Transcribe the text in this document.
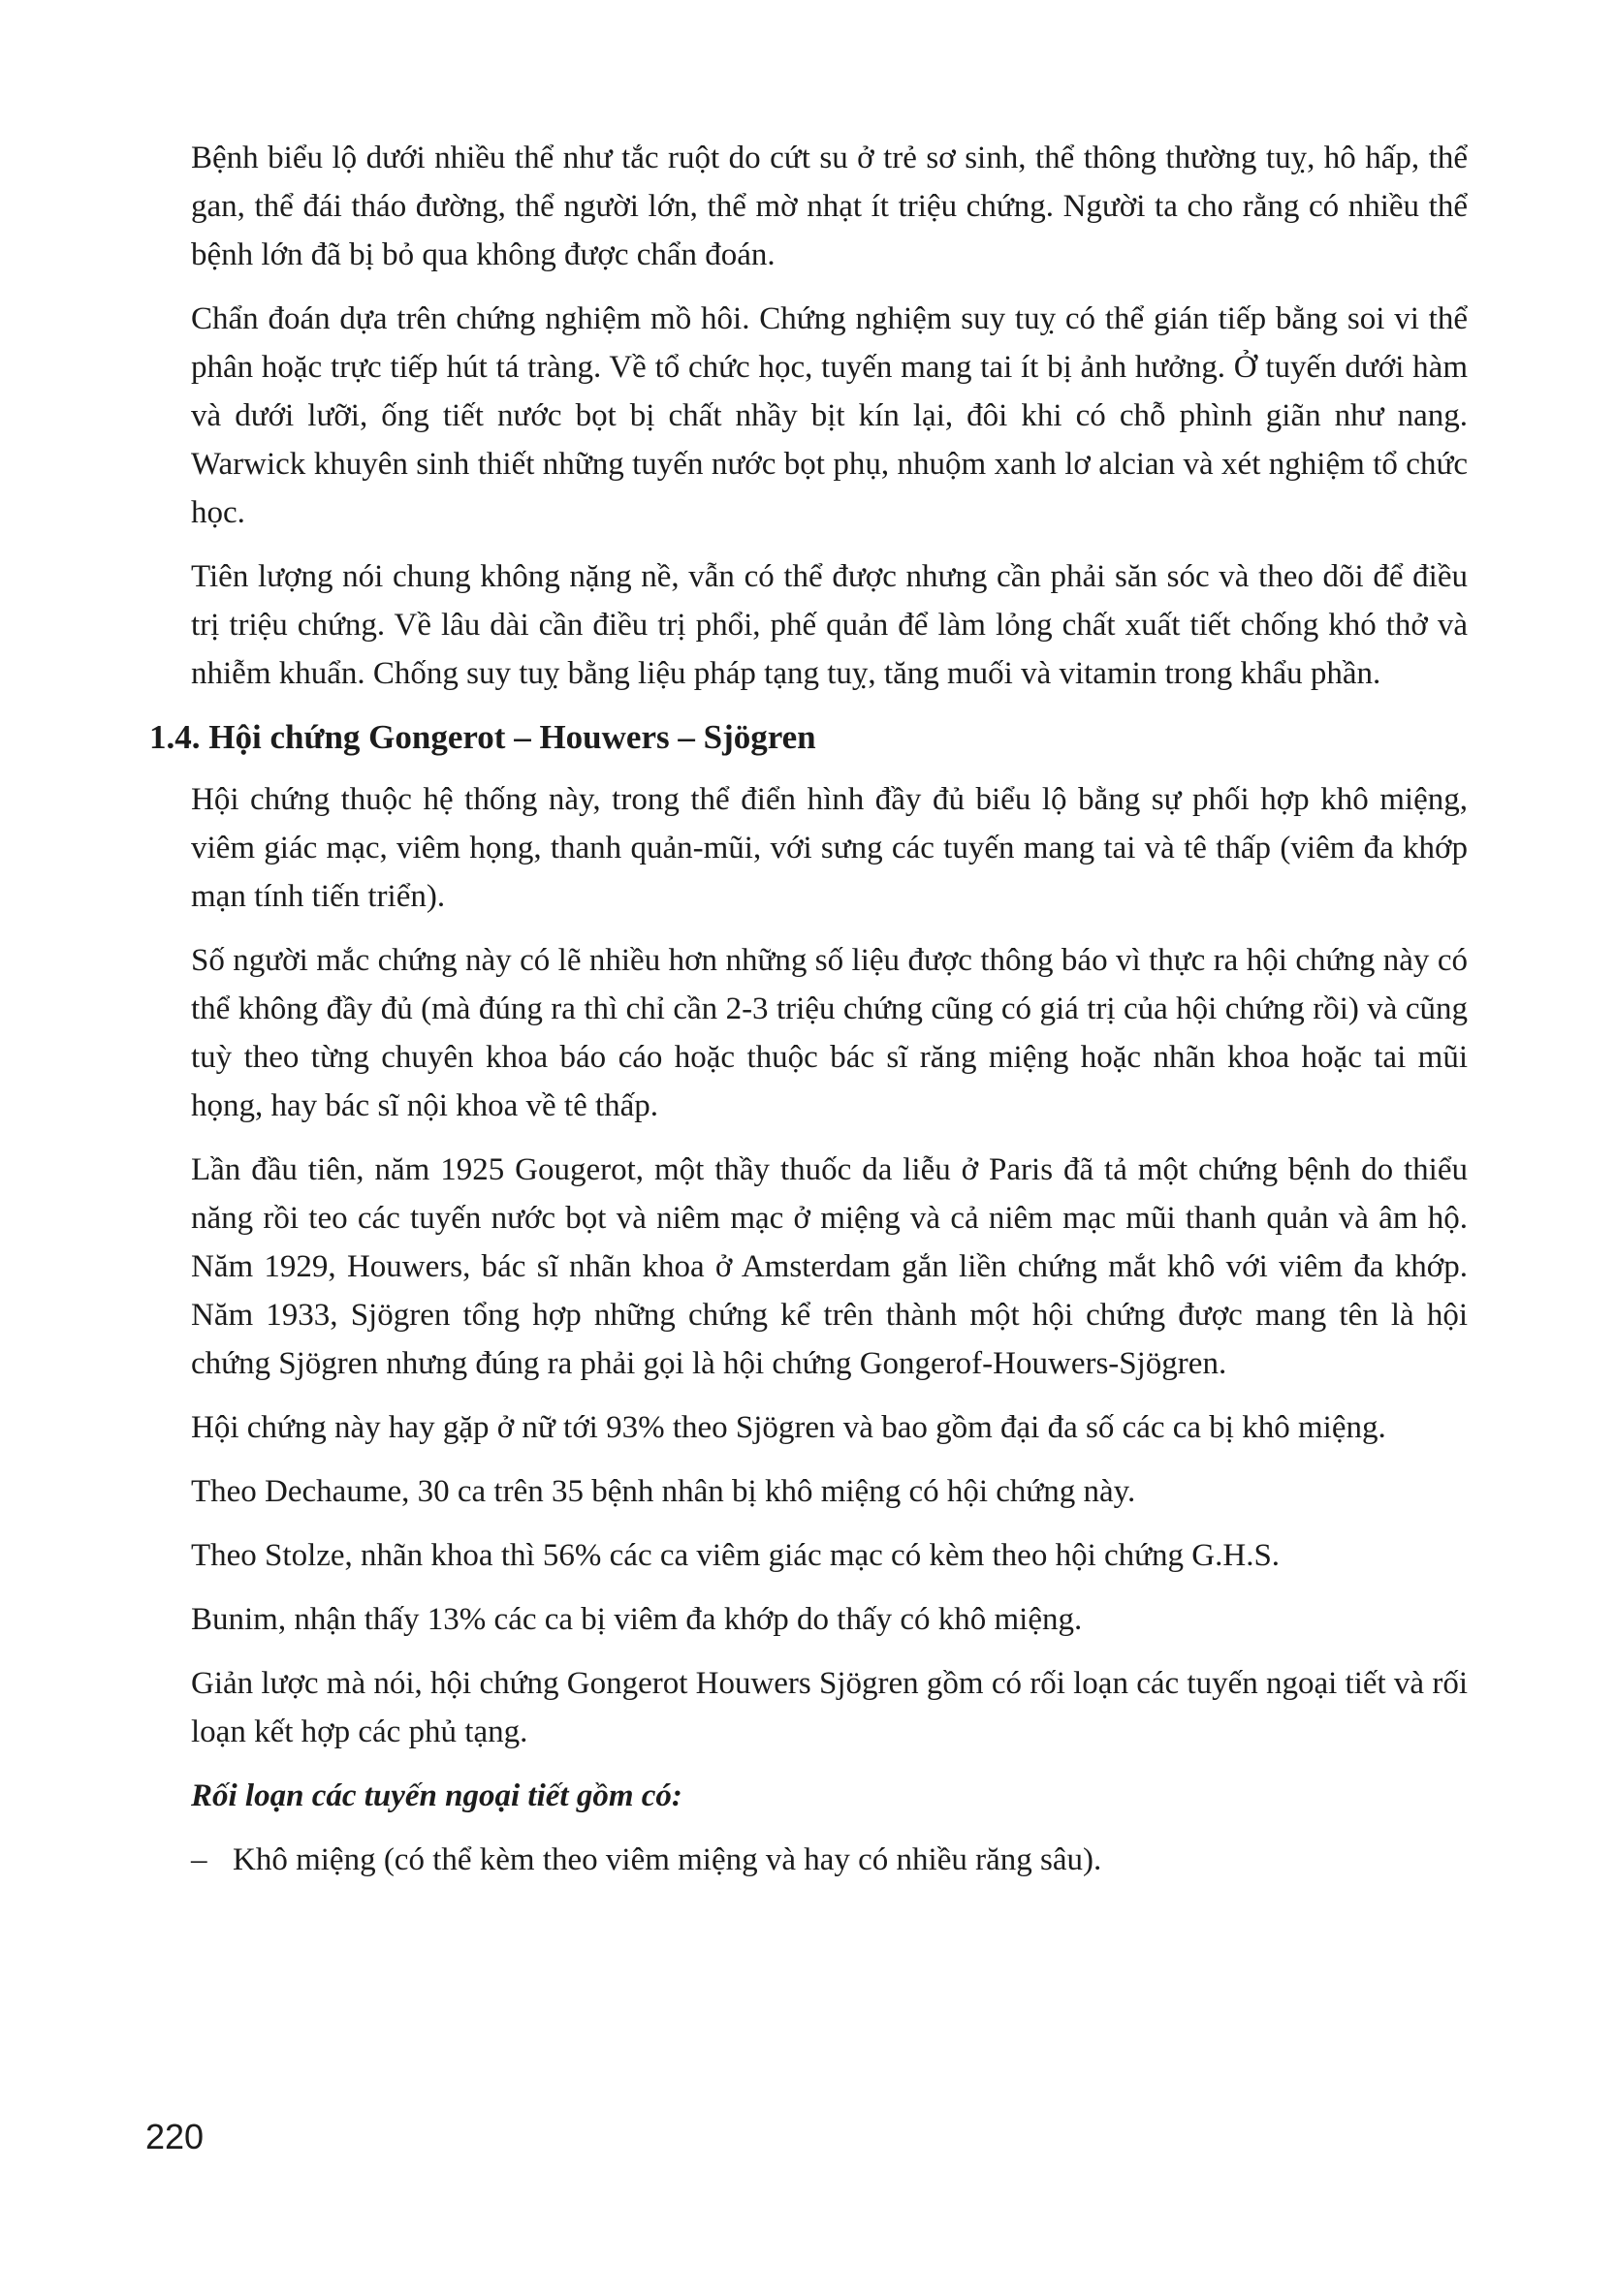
Bệnh biểu lộ dưới nhiều thể như tắc ruột do cứt su ở trẻ sơ sinh, thể thông thường tuỵ, hô hấp, thể gan, thể đái tháo đường, thể người lớn, thể mờ nhạt ít triệu chứng. Người ta cho rằng có nhiều thể bệnh lớn đã bị bỏ qua không được chẩn đoán.

Chẩn đoán dựa trên chứng nghiệm mồ hôi. Chứng nghiệm suy tuỵ có thể gián tiếp bằng soi vi thể phân hoặc trực tiếp hút tá tràng. Về tổ chức học, tuyến mang tai ít bị ảnh hưởng. Ở tuyến dưới hàm và dưới lưỡi, ống tiết nước bọt bị chất nhầy bịt kín lại, đôi khi có chỗ phình giãn như nang. Warwick khuyên sinh thiết những tuyến nước bọt phụ, nhuộm xanh lơ alcian và xét nghiệm tổ chức học.

Tiên lượng nói chung không nặng nề, vẫn có thể được nhưng cần phải săn sóc và theo dõi để điều trị triệu chứng. Về lâu dài cần điều trị phổi, phế quản để làm lỏng chất xuất tiết chống khó thở và nhiễm khuẩn. Chống suy tuỵ bằng liệu pháp tạng tuỵ, tăng muối và vitamin trong khẩu phần.

1.4. Hội chứng Gongerot – Houwers – Sjögren

Hội chứng thuộc hệ thống này, trong thể điển hình đầy đủ biểu lộ bằng sự phối hợp khô miệng, viêm giác mạc, viêm họng, thanh quản-mũi, với sưng các tuyến mang tai và tê thấp (viêm đa khớp mạn tính tiến triển).

Số người mắc chứng này có lẽ nhiều hơn những số liệu được thông báo vì thực ra hội chứng này có thể không đầy đủ (mà đúng ra thì chỉ cần 2-3 triệu chứng cũng có giá trị của hội chứng rồi) và cũng tuỳ theo từng chuyên khoa báo cáo hoặc thuộc bác sĩ răng miệng hoặc nhãn khoa hoặc tai mũi họng, hay bác sĩ nội khoa về tê thấp.

Lần đầu tiên, năm 1925 Gougerot, một thầy thuốc da liễu ở Paris đã tả một chứng bệnh do thiểu năng rồi teo các tuyến nước bọt và niêm mạc ở miệng và cả niêm mạc mũi thanh quản và âm hộ. Năm 1929, Houwers, bác sĩ nhãn khoa ở Amsterdam gắn liền chứng mắt khô với viêm đa khớp. Năm 1933, Sjögren tổng hợp những chứng kể trên thành một hội chứng được mang tên là hội chứng Sjögren nhưng đúng ra phải gọi là hội chứng Gongerof-Houwers-Sjögren.

Hội chứng này hay gặp ở nữ tới 93% theo Sjögren và bao gồm đại đa số các ca bị khô miệng.

Theo Dechaume, 30 ca trên 35 bệnh nhân bị khô miệng có hội chứng này.

Theo Stolze, nhãn khoa thì 56% các ca viêm giác mạc có kèm theo hội chứng G.H.S.

Bunim, nhận thấy 13% các ca bị viêm đa khớp do thấy có khô miệng.

Giản lược mà nói, hội chứng Gongerot Houwers Sjögren gồm có rối loạn các tuyến ngoại tiết và rối loạn kết hợp các phủ tạng.

Rối loạn các tuyến ngoại tiết gồm có:

– Khô miệng (có thể kèm theo viêm miệng và hay có nhiều răng sâu).
220
